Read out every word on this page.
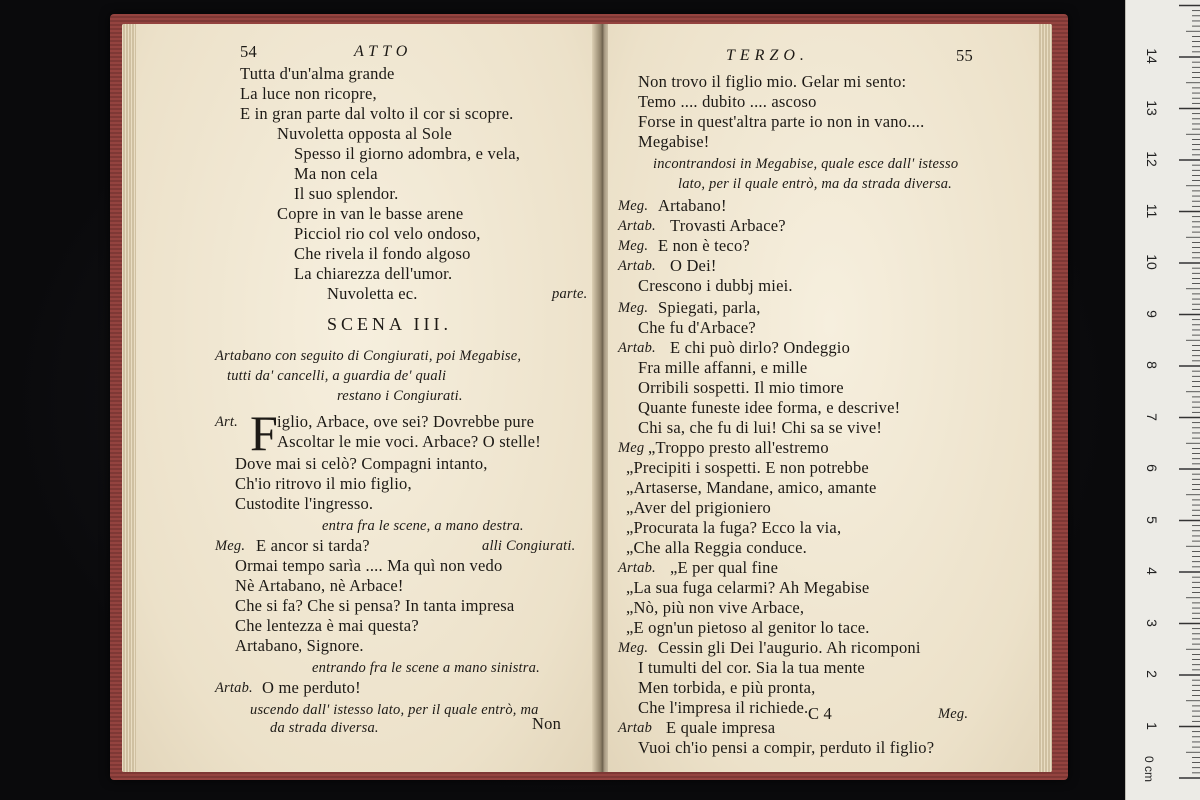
54	ATTO
F
Tutta d'un'alma grande
La luce non ricopre,
E in gran parte dal volto il cor si scopre.
Nuvoletta opposta al Sole
Spesso il giorno adombra, e vela,
Ma non cela
Il suo splendor.
Copre in van le basse arene
Picciol rio col velo ondoso,
Che rivela il fondo algoso
La chiarezza dell'umor.
Nuvoletta ec.	parte.
SCENA III.
Artabano con seguito di Congiurati, poi Megabise,
tutti da' cancelli, a guardia de' quali
restano i Congiurati.
Art. iglio, Arbace, ove sei? Dovrebbe pure
Ascoltar le mie voci. Arbace? O stelle!
Dove mai si celò? Compagni intanto,
Ch'io ritrovo il mio figlio,
Custodite l'ingresso.
entra fra le scene, a mano destra.
Meg. E ancor si tarda?	alli Congiurati.
Ormai tempo sarìa .... Ma quì non vedo
Nè Artabano, nè Arbace!
Che si fa? Che si pensa? In tanta impresa
Che lentezza è mai questa?
Artabano, Signore.
entrando fra le scene a mano sinistra.
Artab. O me perduto!
uscendo dall' istesso lato, per il quale entrò, ma
da strada diversa.	Non
TERZO.	55
C 4	Meg.
Non trovo il figlio mio. Gelar mi sento:
Temo .... dubito .... ascoso
Forse in quest'altra parte io non in vano....
Megabise!
incontrandosi in Megabise, quale esce dall' istesso
lato, per il quale entrò, ma da strada diversa.
Meg. Artabano!
Artab. Trovasti Arbace?
Meg. E non è teco?
Artab. O Dei!
Crescono i dubbj miei.
Meg. Spiegati, parla,
Che fu d'Arbace?
Artab. E chi può dirlo? Ondeggio
Fra mille affanni, e mille
Orribili sospetti. Il mio timore
Quante funeste idee forma, e descrive!
Chi sa, che fu di lui! Chi sa se vive!
Meg „Troppo presto all'estremo
„Precipiti i sospetti. E non potrebbe
„Artaserse, Mandane, amico, amante
„Aver del prigioniero
„Procurata la fuga? Ecco la via,
„Che alla Reggia conduce.
Artab. „E per qual fine
„La sua fuga celarmi? Ah Megabise
„Nò, più non vive Arbace,
„E ogn'un pietoso al genitor lo tace.
Meg. Cessin gli Dei l'augurio. Ah ricomponi
I tumulti del cor. Sia la tua mente
Men torbida, e più pronta,
Che l'impresa il richiede.
Artab E quale impresa
Vuoi ch'io pensi a compir, perduto il figlio?
0 cm
1
2
3
4
5
6
7
8
9
10
11
12
13
14
